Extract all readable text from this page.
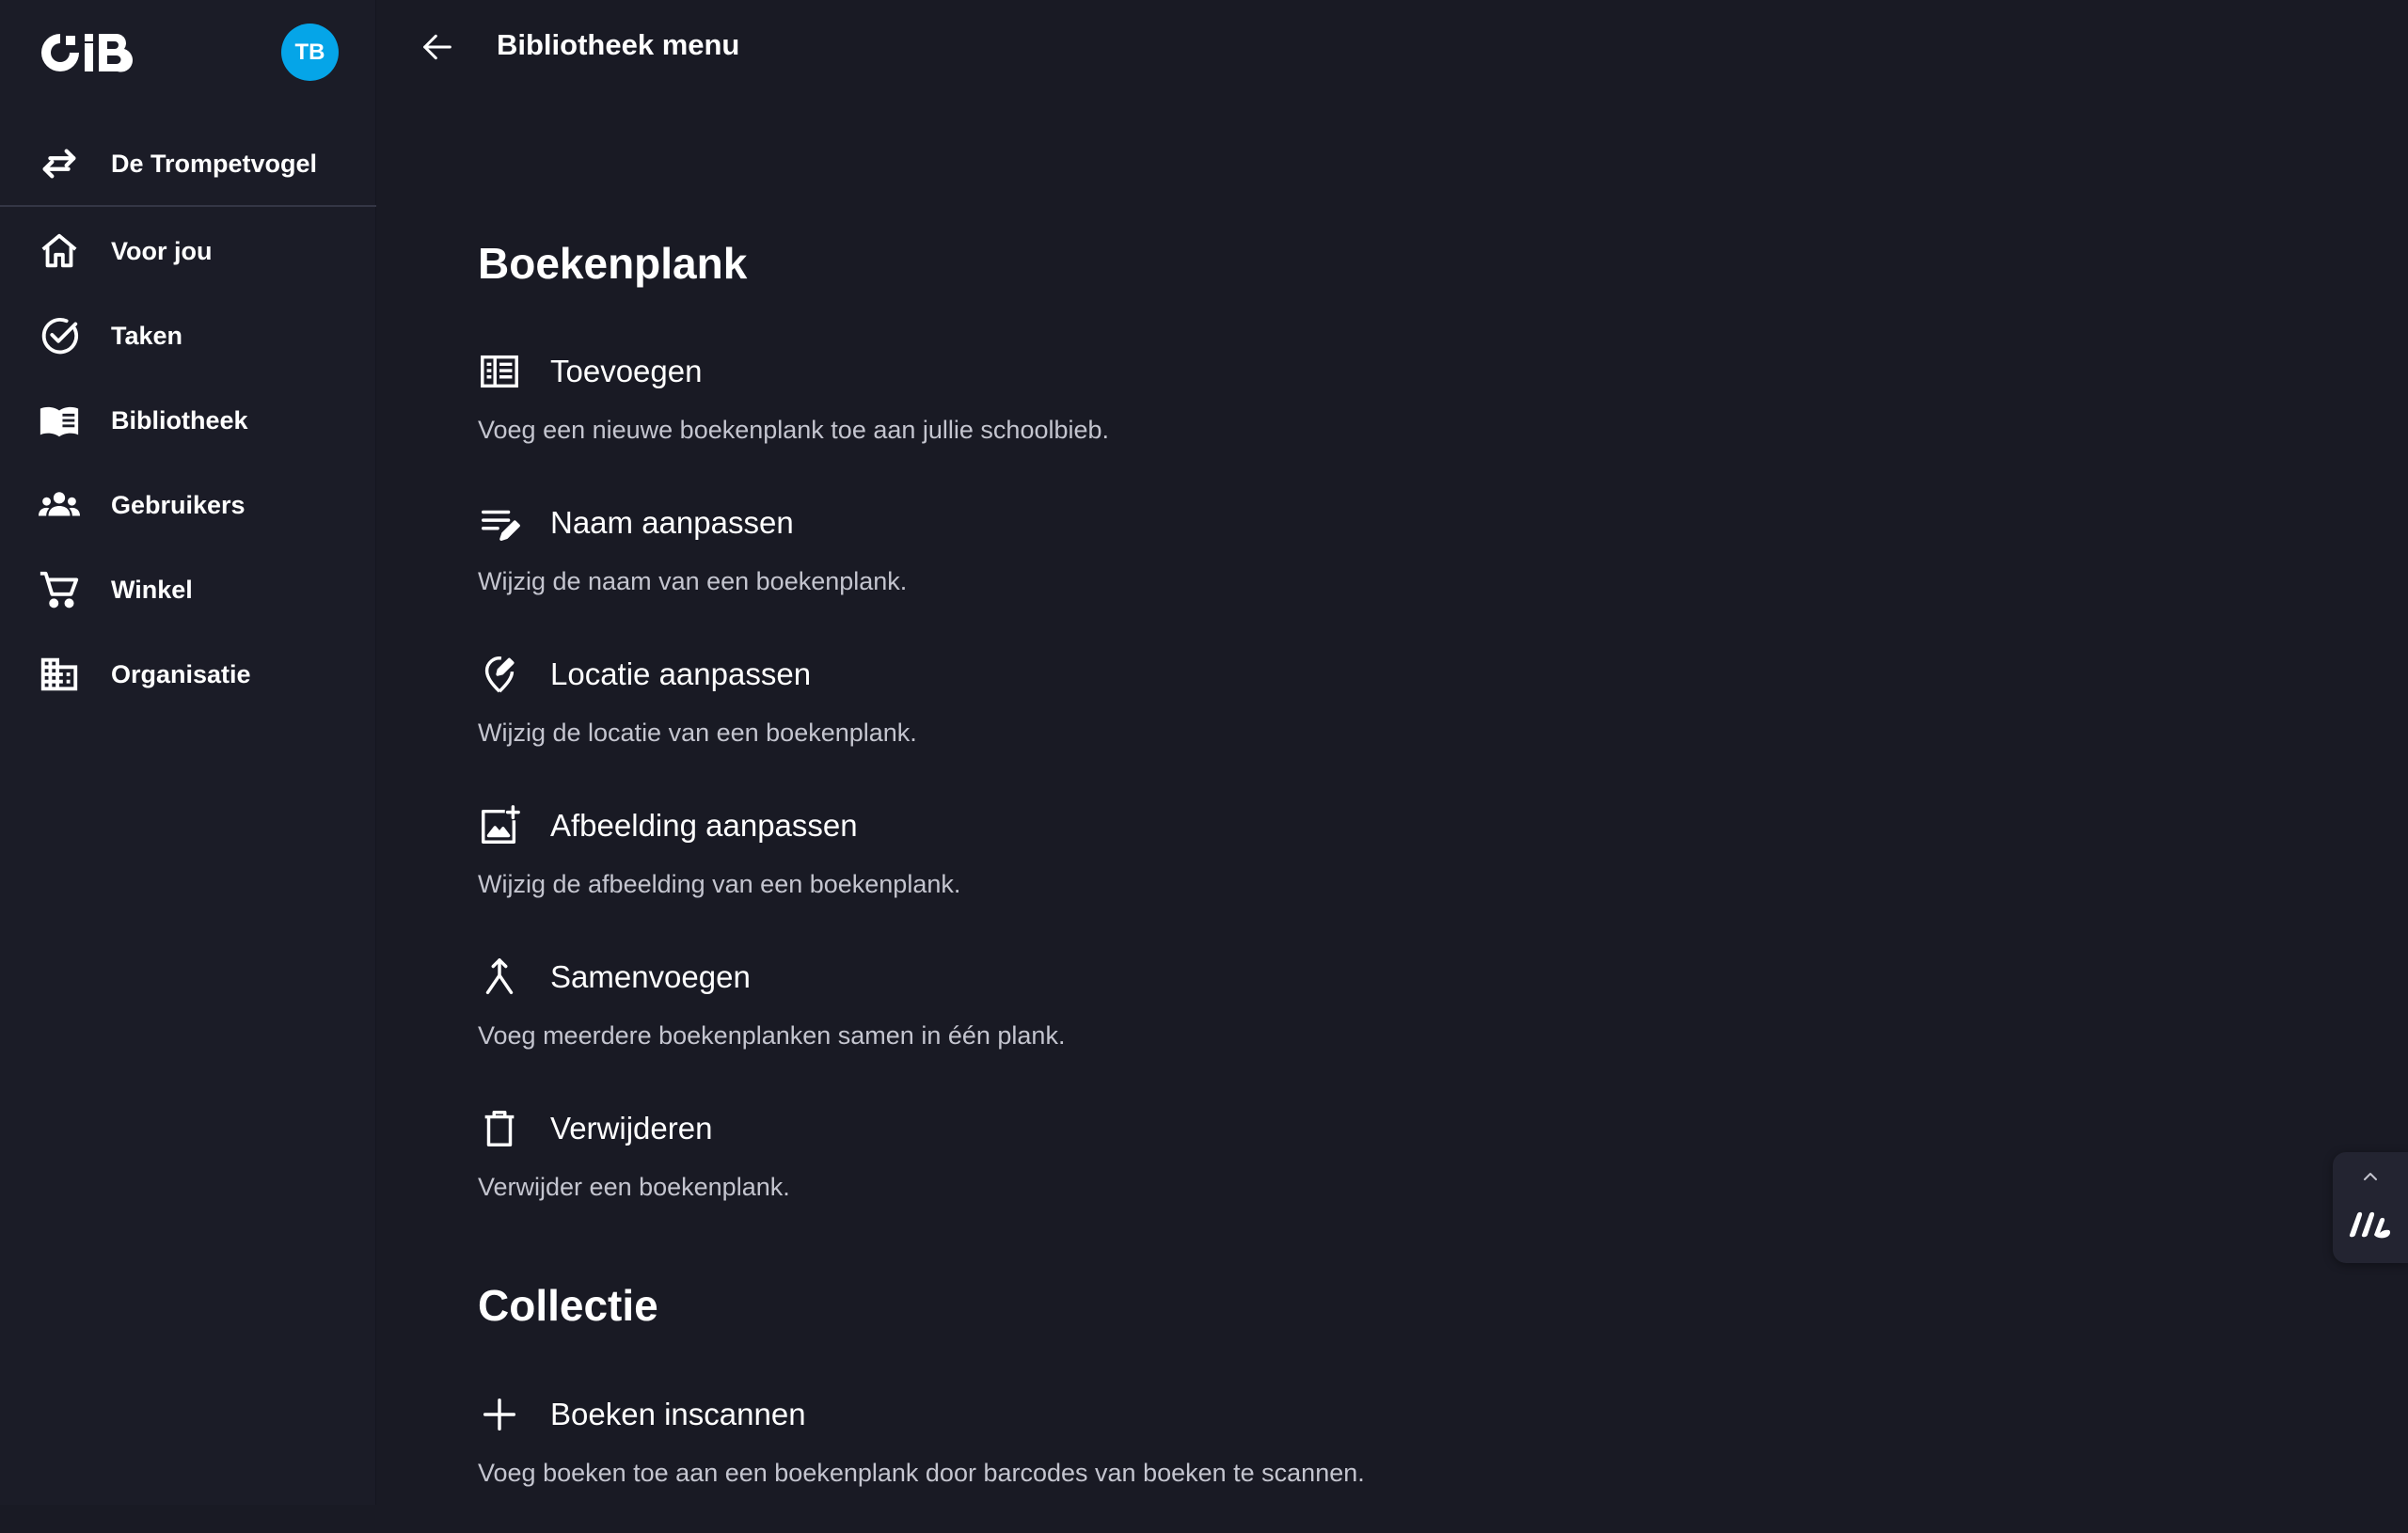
TB
De Trompetvogel
Voor jou
Taken
Bibliotheek
Gebruikers
Winkel
Organisatie
Bibliotheek menu
Boekenplank
Toevoegen
Voeg een nieuwe boekenplank toe aan jullie schoolbieb.
Naam aanpassen
Wijzig de naam van een boekenplank.
Locatie aanpassen
Wijzig de locatie van een boekenplank.
Afbeelding aanpassen
Wijzig de afbeelding van een boekenplank.
Samenvoegen
Voeg meerdere boekenplanken samen in één plank.
Verwijderen
Verwijder een boekenplank.
Collectie
Boeken inscannen
Voeg boeken toe aan een boekenplank door barcodes van boeken te scannen.
